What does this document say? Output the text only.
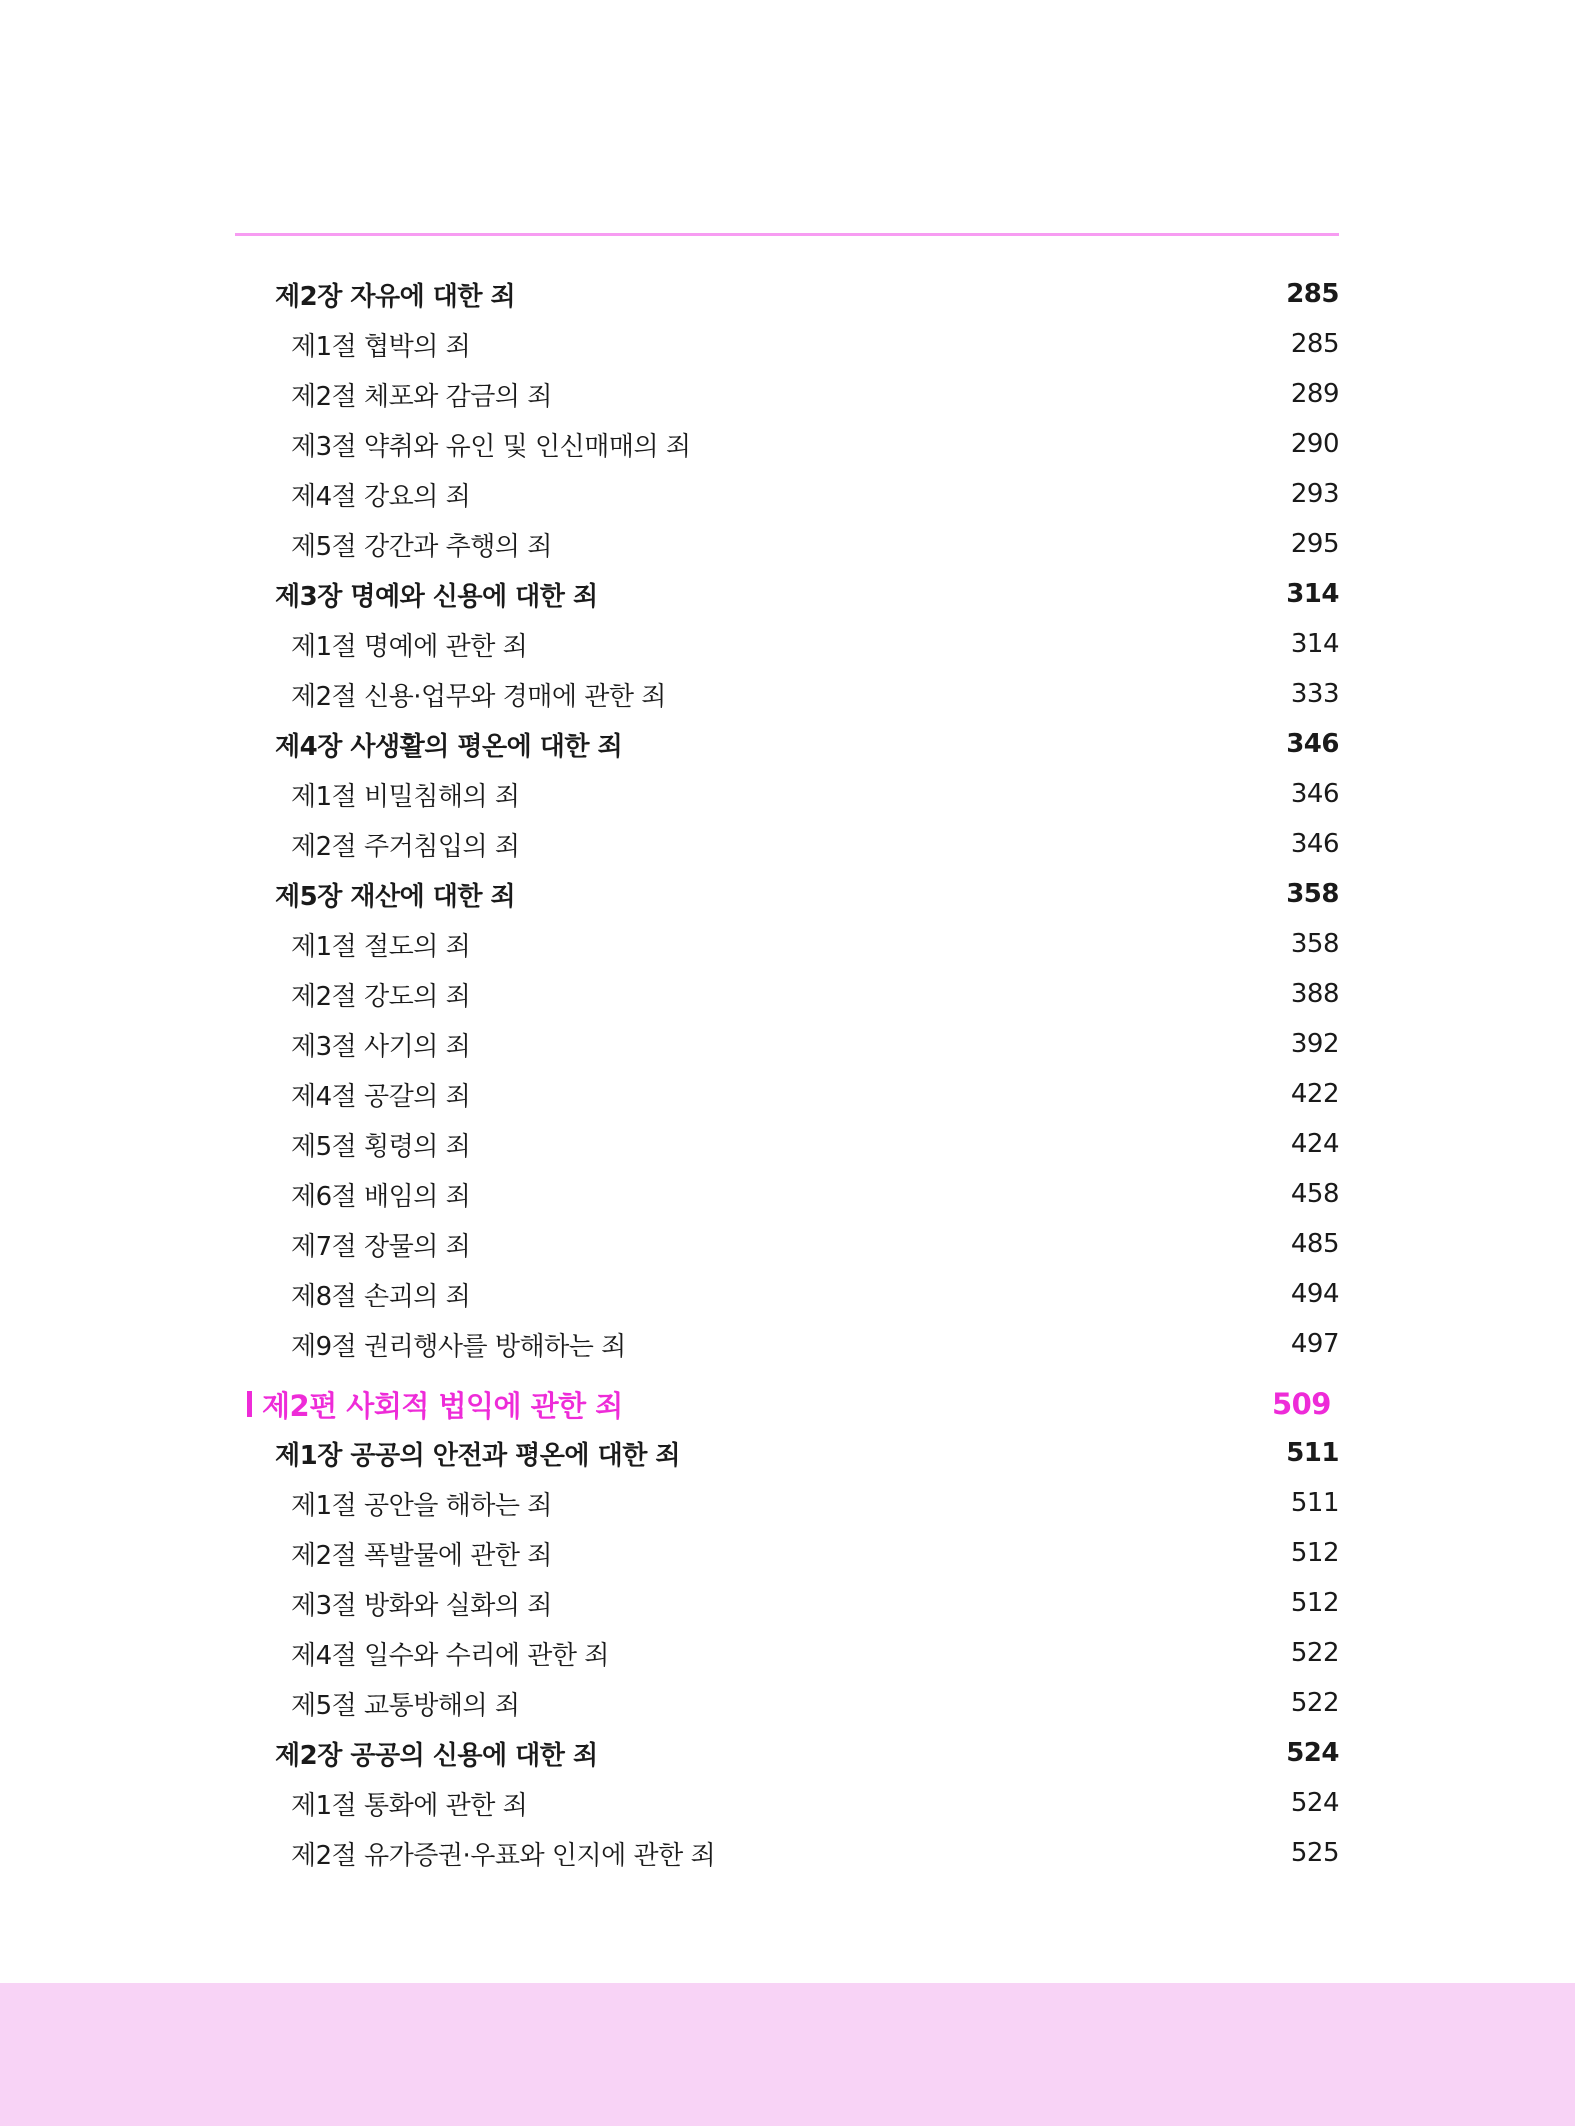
제2장 자유에 대한 죄	285
제1절 협박의 죄	285
제2절 체포와 감금의 죄	289
제3절 약취와 유인 및 인신매매의 죄	290
제4절 강요의 죄	293
제5절 강간과 추행의 죄	295
제3장 명예와 신용에 대한 죄	314
제1절 명예에 관한 죄	314
제2절 신용·업무와 경매에 관한 죄	333
제4장 사생활의 평온에 대한 죄	346
제1절 비밀침해의 죄	346
제2절 주거침입의 죄	346
제5장 재산에 대한 죄	358
제1절 절도의 죄	358
제2절 강도의 죄	388
제3절 사기의 죄	392
제4절 공갈의 죄	422
제5절 횡령의 죄	424
제6절 배임의 죄	458
제7절 장물의 죄	485
제8절 손괴의 죄	494
제9절 권리행사를 방해하는 죄	497
제2편 사회적 법익에 관한 죄	509
제1장 공공의 안전과 평온에 대한 죄	511
제1절 공안을 해하는 죄	511
제2절 폭발물에 관한 죄	512
제3절 방화와 실화의 죄	512
제4절 일수와 수리에 관한 죄	522
제5절 교통방해의 죄	522
제2장 공공의 신용에 대한 죄	524
제1절 통화에 관한 죄	524
제2절 유가증권·우표와 인지에 관한 죄	525
